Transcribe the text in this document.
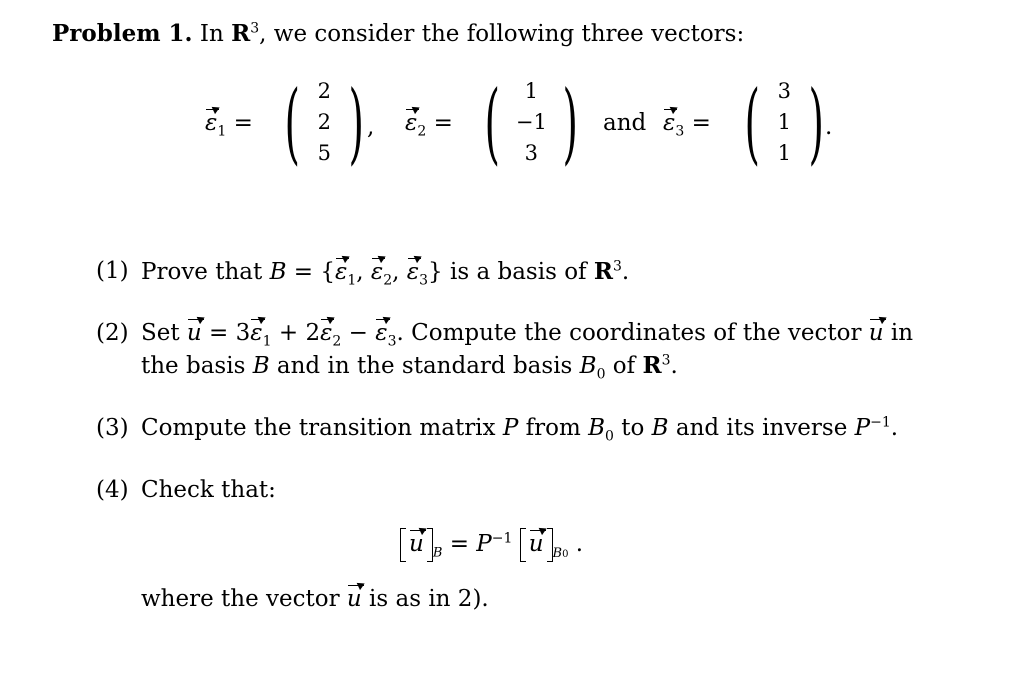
Problem 1. In $R^3$, we consider the following three vectors:
$\varepsilon_1$ = ( 2
2
5 ) , $\varepsilon_2$ = ( 1
−1
3 ) and $\varepsilon_3$ = ( 3
1
1 ) .
(1) Prove that $B = \{\varepsilon_1$, $\varepsilon_2$, $\varepsilon_3$} is a basis of $R^3$.
(2) Set $u = 3\varepsilon_1 + 2\varepsilon_2 - \varepsilon_3$. Compute the coordinates of the vector u in
the basis B and in the standard basis $B_0$ of $R^3$.
(3) Compute the transition matrix P from $B_0$ to B and its inverse $P^{-1}$.
(4) Check that:
u $_B = P^{-1}$ u $_{B0}$ .
where the vector u is as in 2).
